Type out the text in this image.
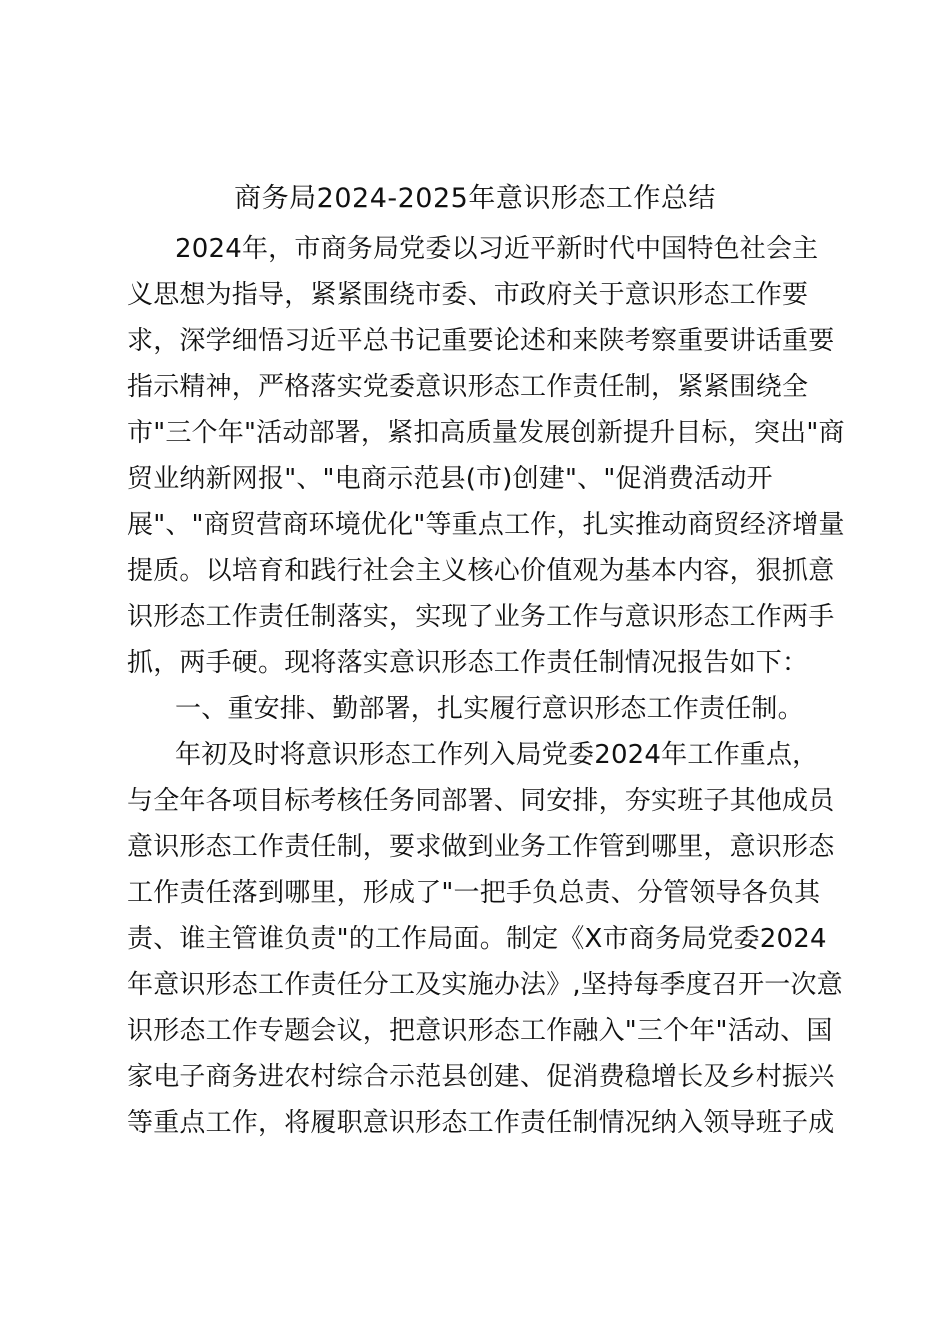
商务局2024-2025年意识形态工作总结
2024年，市商务局党委以习近平新时代中国特色社会主
义思想为指导，紧紧围绕市委、市政府关于意识形态工作要
求，深学细悟习近平总书记重要论述和来陕考察重要讲话重要
指示精神，严格落实党委意识形态工作责任制，紧紧围绕全
市"三个年"活动部署，紧扣高质量发展创新提升目标，突出"商
贸业纳新网报"、"电商示范县(市)创建"、"促消费活动开
展"、"商贸营商环境优化"等重点工作，扎实推动商贸经济增量
提质。以培育和践行社会主义核心价值观为基本内容，狠抓意
识形态工作责任制落实，实现了业务工作与意识形态工作两手
抓，两手硬。现将落实意识形态工作责任制情况报告如下：
一、重安排、勤部署，扎实履行意识形态工作责任制。
年初及时将意识形态工作列入局党委2024年工作重点，
与全年各项目标考核任务同部署、同安排，夯实班子其他成员
意识形态工作责任制，要求做到业务工作管到哪里，意识形态
工作责任落到哪里，形成了"一把手负总责、分管领导各负其
责、谁主管谁负责"的工作局面。制定《X市商务局党委2024
年意识形态工作责任分工及实施办法》,坚持每季度召开一次意
识形态工作专题会议，把意识形态工作融入"三个年"活动、国
家电子商务进农村综合示范县创建、促消费稳增长及乡村振兴
等重点工作，将履职意识形态工作责任制情况纳入领导班子成
